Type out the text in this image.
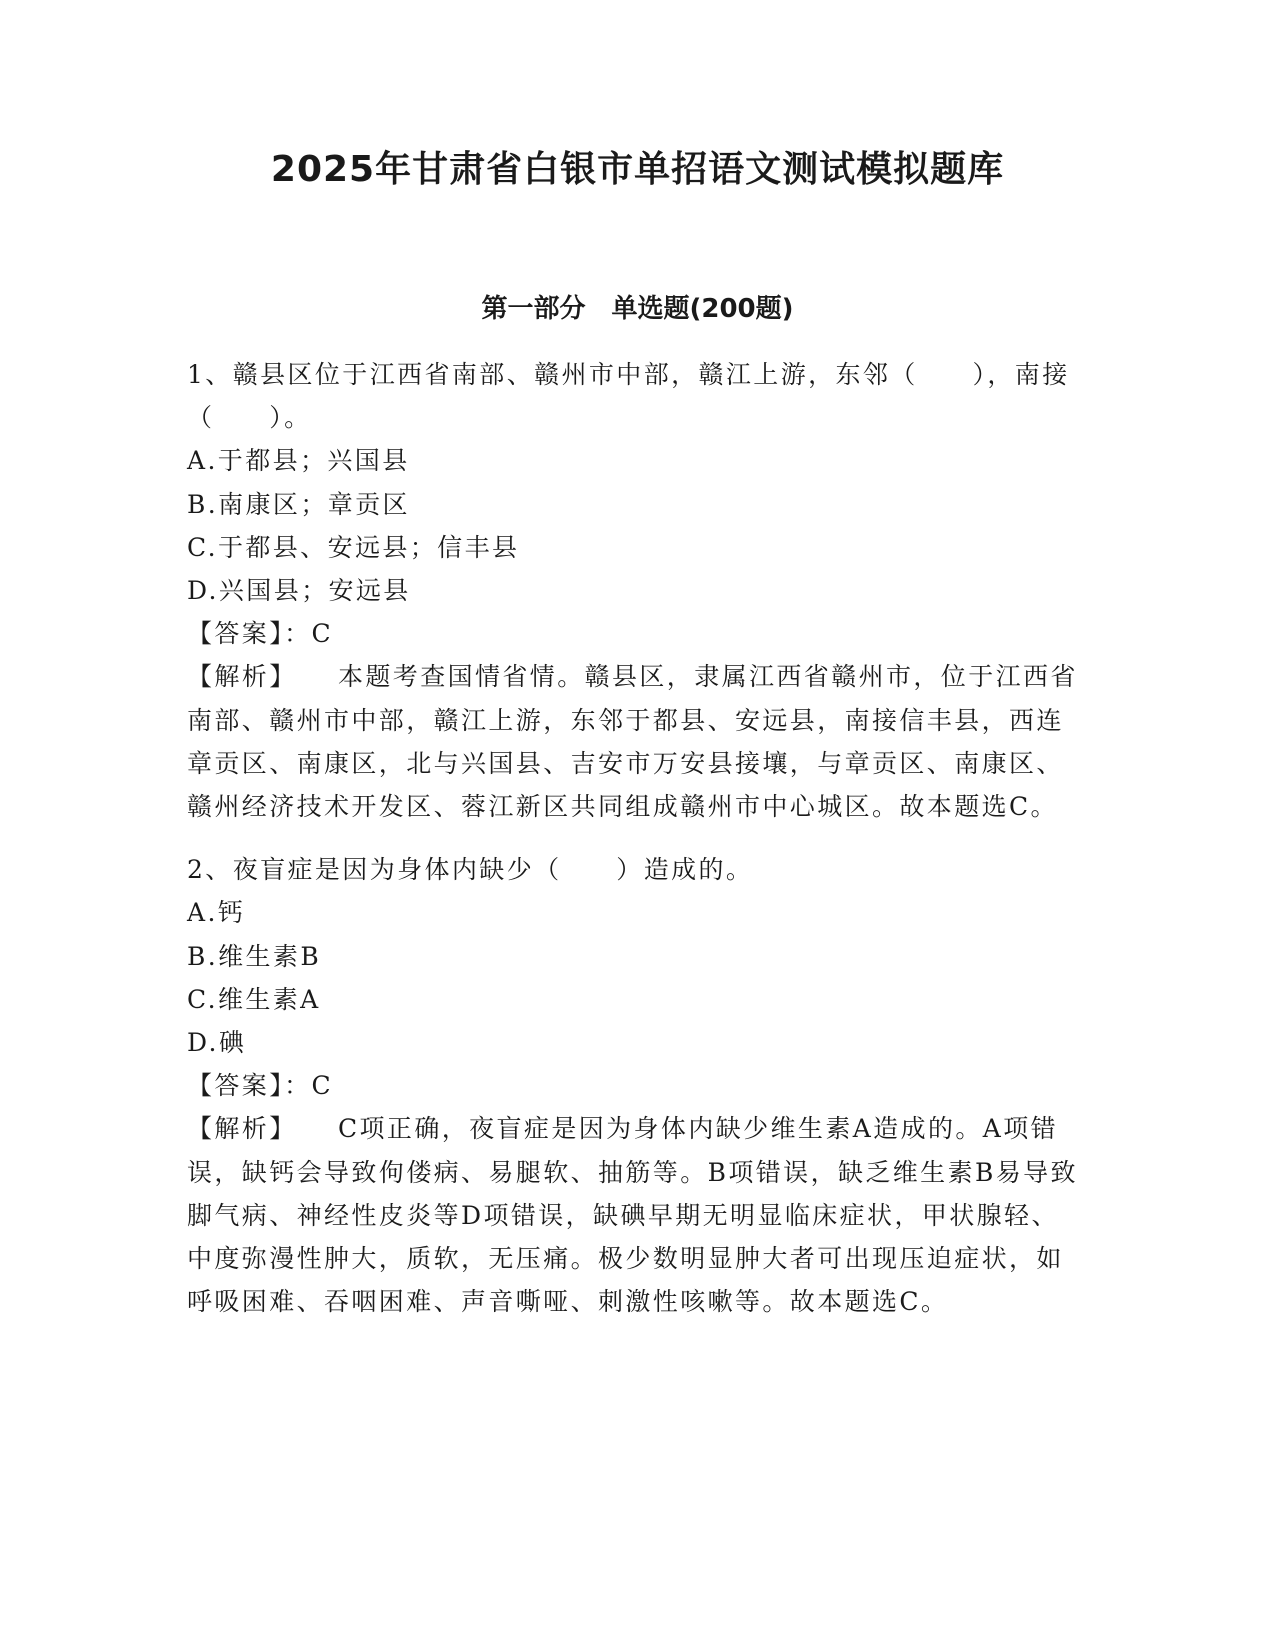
2025年甘肃省白银市单招语文测试模拟题库
第一部分　单选题(200题)
1、赣县区位于江西省南部、赣州市中部，赣江上游，东邻（　　），南接（　　）。
A.于都县；兴国县
B.南康区；章贡区
C.于都县、安远县；信丰县
D.兴国县；安远县
【答案】：C
【解析】 本题考查国情省情。赣县区，隶属江西省赣州市，位于江西省南部、赣州市中部，赣江上游，东邻于都县、安远县，南接信丰县，西连章贡区、南康区，北与兴国县、吉安市万安县接壤，与章贡区、南康区、赣州经济技术开发区、蓉江新区共同组成赣州市中心城区。故本题选C。
2、夜盲症是因为身体内缺少（　　）造成的。
A.钙
B.维生素B
C.维生素A
D.碘
【答案】：C
【解析】 C项正确，夜盲症是因为身体内缺少维生素A造成的。A项错误，缺钙会导致佝偻病、易腿软、抽筋等。B项错误，缺乏维生素B易导致脚气病、神经性皮炎等D项错误，缺碘早期无明显临床症状，甲状腺轻、中度弥漫性肿大，质软，无压痛。极少数明显肿大者可出现压迫症状，如呼吸困难、吞咽困难、声音嘶哑、刺激性咳嗽等。故本题选C。
